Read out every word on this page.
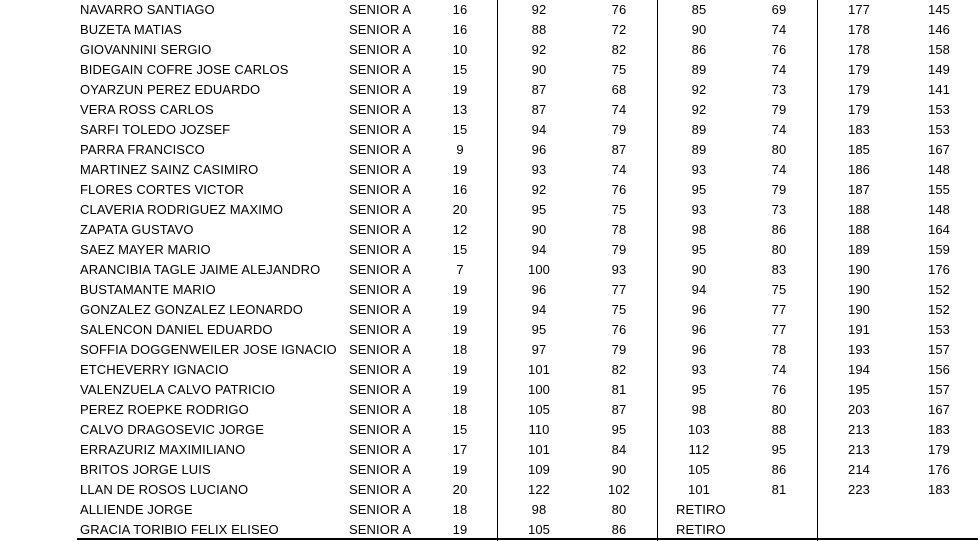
NAVARRO SANTIAGO	SENIOR A	16	92	76	85	69	177	145
BUZETA MATIAS	SENIOR A	16	88	72	90	74	178	146
GIOVANNINI SERGIO	SENIOR A	10	92	82	86	76	178	158
BIDEGAIN COFRE JOSE CARLOS	SENIOR A	15	90	75	89	74	179	149
OYARZUN PEREZ EDUARDO	SENIOR A	19	87	68	92	73	179	141
VERA ROSS CARLOS	SENIOR A	13	87	74	92	79	179	153
SARFI TOLEDO JOZSEF	SENIOR A	15	94	79	89	74	183	153
PARRA FRANCISCO	SENIOR A	9	96	87	89	80	185	167
MARTINEZ SAINZ CASIMIRO	SENIOR A	19	93	74	93	74	186	148
FLORES CORTES VICTOR	SENIOR A	16	92	76	95	79	187	155
CLAVERIA RODRIGUEZ MAXIMO	SENIOR A	20	95	75	93	73	188	148
ZAPATA GUSTAVO	SENIOR A	12	90	78	98	86	188	164
SAEZ MAYER MARIO	SENIOR A	15	94	79	95	80	189	159
ARANCIBIA TAGLE JAIME ALEJANDRO SENIOR A	7	100	93	90	83	190	176
BUSTAMANTE MARIO	SENIOR A	19	96	77	94	75	190	152
GONZALEZ GONZALEZ LEONARDO	SENIOR A	19	94	75	96	77	190	152
SALENCON DANIEL EDUARDO	SENIOR A	19	95	76	96	77	191	153
SOFFIA DOGGENWEILER JOSE IGNACIO SENIOR A	18	97	79	96	78	193	157
ETCHEVERRY IGNACIO	SENIOR A	19	101	82	93	74	194	156
VALENZUELA CALVO PATRICIO	SENIOR A	19	100	81	95	76	195	157
PEREZ ROEPKE RODRIGO	SENIOR A	18	105	87	98	80	203	167
CALVO DRAGOSEVIC JORGE	SENIOR A	15	110	95	103	88	213	183
ERRAZURIZ MAXIMILIANO	SENIOR A	17	101	84	112	95	213	179
BRITOS JORGE LUIS	SENIOR A	19	109	90	105	86	214	176
LLAN DE ROSOS LUCIANO	SENIOR A	20	122	102	101	81	223	183
ALLIENDE JORGE	SENIOR A	18	98	80	RETIRO
GRACIA TORIBIO FELIX ELISEO	SENIOR A	19	105	86	RETIRO
